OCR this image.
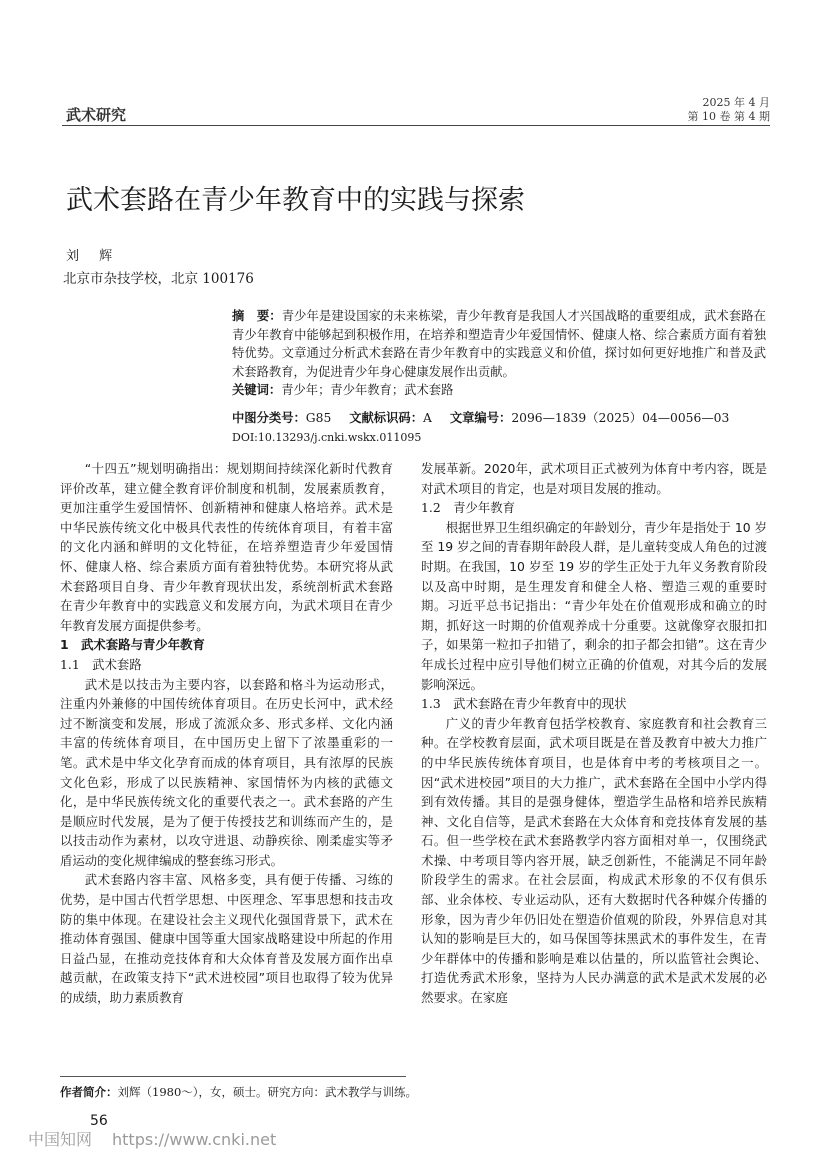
武术研究
2025 年 4 月
第 10 卷 第 4 期
武术套路在青少年教育中的实践与探索
刘 辉
北京市杂技学校，北京 100176
摘　要：青少年是建设国家的未来栋梁，青少年教育是我国人才兴国战略的重要组成，武术套路在青少年教育中能够起到积极作用，在培养和塑造青少年爱国情怀、健康人格、综合素质方面有着独特优势。文章通过分析武术套路在青少年教育中的实践意义和价值，探讨如何更好地推广和普及武术套路教育，为促进青少年身心健康发展作出贡献。
关键词：青少年；青少年教育；武术套路
中图分类号：G85 文献标识码：A 文章编号：2096—1839（2025）04—0056—03
DOI:10.13293/j.cnki.wskx.011095

“十四五”规划明确指出：规划期间持续深化新时代教育评价改革，建立健全教育评价制度和机制，发展素质教育，更加注重学生爱国情怀、创新精神和健康人格培养。武术是中华民族传统文化中极具代表性的传统体育项目，有着丰富的文化内涵和鲜明的文化特征，在培养塑造青少年爱国情怀、健康人格、综合素质方面有着独特优势。本研究将从武术套路项目自身、青少年教育现状出发，系统剖析武术套路在青少年教育中的实践意义和发展方向，为武术项目在青少年教育发展方面提供参考。

1　武术套路与青少年教育

1.1　武术套路

武术是以技击为主要内容，以套路和格斗为运动形式，注重内外兼修的中国传统体育项目。在历史长河中，武术经过不断演变和发展，形成了流派众多、形式多样、文化内涵丰富的传统体育项目，在中国历史上留下了浓墨重彩的一笔。武术是中华文化孕育而成的体育项目，具有浓厚的民族文化色彩，形成了以民族精神、家国情怀为内核的武德文化，是中华民族传统文化的重要代表之一。武术套路的产生是顺应时代发展，是为了便于传授技艺和训练而产生的，是以技击动作为素材，以攻守进退、动静疾徐、刚柔虚实等矛盾运动的变化规律编成的整套练习形式。

武术套路内容丰富、风格多变，具有便于传播、习练的优势，是中国古代哲学思想、中医理念、军事思想和技击攻防的集中体现。在建设社会主义现代化强国背景下，武术在推动体育强国、健康中国等重大国家战略建设中所起的作用日益凸显，在推动竞技体育和大众体育普及发展方面作出卓越贡献，在政策支持下“武术进校园”项目也取得了较为优异的成绩，助力素质教育

发展革新。2020年，武术项目正式被列为体育中考内容，既是对武术项目的肯定，也是对项目发展的推动。

1.2　青少年教育

根据世界卫生组织确定的年龄划分，青少年是指处于 10 岁至 19 岁之间的青春期年龄段人群，是儿童转变成人角色的过渡时期。在我国，10 岁至 19 岁的学生正处于九年义务教育阶段以及高中时期，是生理发育和健全人格、塑造三观的重要时期。习近平总书记指出：“青少年处在价值观形成和确立的时期，抓好这一时期的价值观养成十分重要。这就像穿衣服扣扣子，如果第一粒扣子扣错了，剩余的扣子都会扣错”。这在青少年成长过程中应引导他们树立正确的价值观，对其今后的发展影响深远。

1.3　武术套路在青少年教育中的现状

广义的青少年教育包括学校教育、家庭教育和社会教育三种。在学校教育层面，武术项目既是在普及教育中被大力推广的中华民族传统体育项目，也是体育中考的考核项目之一。因“武术进校园”项目的大力推广，武术套路在全国中小学内得到有效传播。其目的是强身健体，塑造学生品格和培养民族精神、文化自信等，是武术套路在大众体育和竞技体育发展的基石。但一些学校在武术套路教学内容方面相对单一，仅围绕武术操、中考项目等内容开展，缺乏创新性，不能满足不同年龄阶段学生的需求。在社会层面，构成武术形象的不仅有俱乐部、业余体校、专业运动队，还有大数据时代各种媒介传播的形象，因为青少年仍旧处在塑造价值观的阶段，外界信息对其认知的影响是巨大的，如马保国等抹黑武术的事件发生，在青少年群体中的传播和影响是难以估量的，所以监管社会舆论、打造优秀武术形象，坚持为人民办满意的武术是武术发展的必然要求。在家庭

作者简介：刘辉（1980～），女，硕士。研究方向：武术教学与训练。
56
中国知网 https://www.cnki.net
